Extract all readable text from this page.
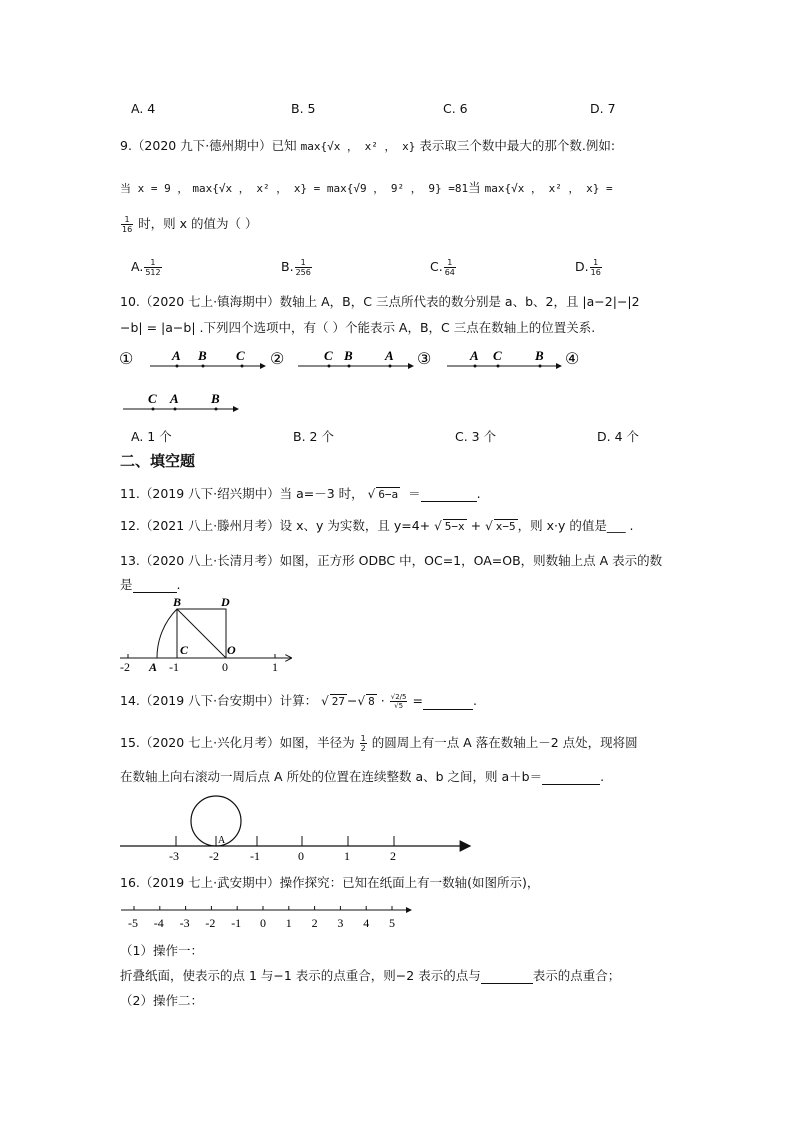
A. 4	B. 5	C. 6	D. 7
9.（2020 九下·德州期中）已知 max{√x ， x² ， x} 表示取三个数中最大的那个数.例如:
当 x = 9 ， max{√x ， x² ， x} = max{√9 ， 9² ， 9} =81当 max{√x ， x² ， x} =
$\frac{1}{16}$ 时，则 x 的值为（ ）
A. $\frac{1}{512}$	B. $\frac{1}{256}$	C. $\frac{1}{64}$	D. $\frac{1}{16}$
10.（2020 七上·镇海期中）数轴上 A，B，C 三点所代表的数分别是 a、b、2，且 |a−2|−|2
−b| = |a−b| .下列四个选项中，有（ ）个能表示 A，B，C 三点在数轴上的位置关系.
①	A B C ②	C B A ③	A C	B ④
C A B
A. 1 个	B. 2 个	C. 3 个	D. 4 个
二、填空题
11.（2019 八下·绍兴期中）当 a=－3 时， √ 6−a ＝	.
12.（2021 八上·滕州月考）设 x、y 为实数，且 y=4+ √ 5−x + √ x−5 ，则 x·y 的值是___ .
13.（2020 八上·长清月考）如图，正方形 ODBC 中，OC=1，OA=OB，则数轴上点 A 表示的数
是	.
B	D
C	O
A
-2	-1	0	1
14.（2019 八下·台安期中）计算： √ 27 −√ $8 \cdot \frac{√2/5}{√5}$ =	.
15.（2020 七上·兴化月考）如图，半径为 $\frac{1}{2}$ 的圆周上有一点 A 落在数轴上－2 点处，现将圆
在数轴上向右滚动一周后点 A 所处的位置在连续整数 a、b 之间，则 a＋b＝	.
A
-3	-2	-1	0	1	2
16.（2019 七上·武安期中）操作探究：已知在纸面上有一数轴(如图所示)，
-5 -4 -3 -2 -1 0 1 2 3 4 5
（1）操作一：
折叠纸面，使表示的点 1 与−1 表示的点重合，则−2 表示的点与	表示的点重合；
（2）操作二：
